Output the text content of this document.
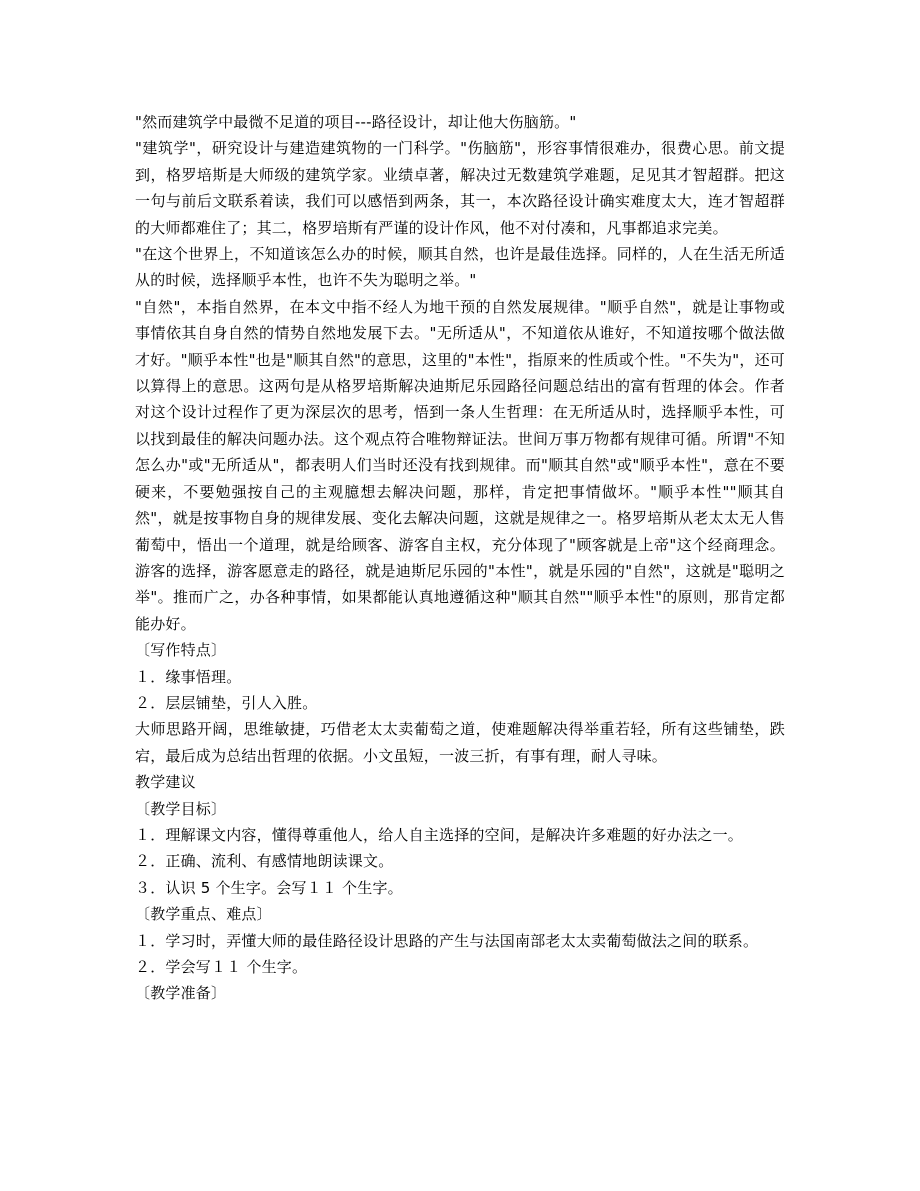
"然而建筑学中最微不足道的项目---路径设计，却让他大伤脑筋。"

"建筑学"，研究设计与建造建筑物的一门科学。"伤脑筋"，形容事情很难办，很费心思。前文提到，格罗培斯是大师级的建筑学家。业绩卓著，解决过无数建筑学难题，足见其才智超群。把这一句与前后文联系着读，我们可以感悟到两条，其一，本次路径设计确实难度太大，连才智超群的大师都难住了；其二，格罗培斯有严谨的设计作风，他不对付凑和，凡事都追求完美。

"在这个世界上，不知道该怎么办的时候，顺其自然，也许是最佳选择。同样的，人在生活无所适从的时候，选择顺乎本性，也许不失为聪明之举。"

"自然"，本指自然界，在本文中指不经人为地干预的自然发展规律。"顺乎自然"，就是让事物或事情依其自身自然的情势自然地发展下去。"无所适从"，不知道依从谁好，不知道按哪个做法做才好。"顺乎本性"也是"顺其自然"的意思，这里的"本性"，指原来的性质或个性。"不失为"，还可以算得上的意思。这两句是从格罗培斯解决迪斯尼乐园路径问题总结出的富有哲理的体会。作者对这个设计过程作了更为深层次的思考，悟到一条人生哲理：在无所适从时，选择顺乎本性，可以找到最佳的解决问题办法。这个观点符合唯物辩证法。世间万事万物都有规律可循。所谓"不知怎么办"或"无所适从"，都表明人们当时还没有找到规律。而"顺其自然"或"顺乎本性"，意在不要硬来，不要勉强按自己的主观臆想去解决问题，那样，肯定把事情做坏。"顺乎本性""顺其自然"，就是按事物自身的规律发展、变化去解决问题，这就是规律之一。格罗培斯从老太太无人售葡萄中，悟出一个道理，就是给顾客、游客自主权，充分体现了"顾客就是上帝"这个经商理念。游客的选择，游客愿意走的路径，就是迪斯尼乐园的"本性"，就是乐园的"自然"，这就是"聪明之举"。推而广之，办各种事情，如果都能认真地遵循这种"顺其自然""顺乎本性"的原则，那肯定都能办好。

〔写作特点〕

１．缘事悟理。

２．层层铺垫，引人入胜。

大师思路开阔，思维敏捷，巧借老太太卖葡萄之道，使难题解决得举重若轻，所有这些铺垫，跌宕，最后成为总结出哲理的依据。小文虽短，一波三折，有事有理，耐人寻味。

教学建议

〔教学目标〕

１．理解课文内容，懂得尊重他人，给人自主选择的空间，是解决许多难题的好办法之一。

２．正确、流利、有感情地朗读课文。

３．认识 5 个生字。会写１１ 个生字。

〔教学重点、难点〕

１．学习时，弄懂大师的最佳路径设计思路的产生与法国南部老太太卖葡萄做法之间的联系。

２．学会写１１ 个生字。

〔教学准备〕
